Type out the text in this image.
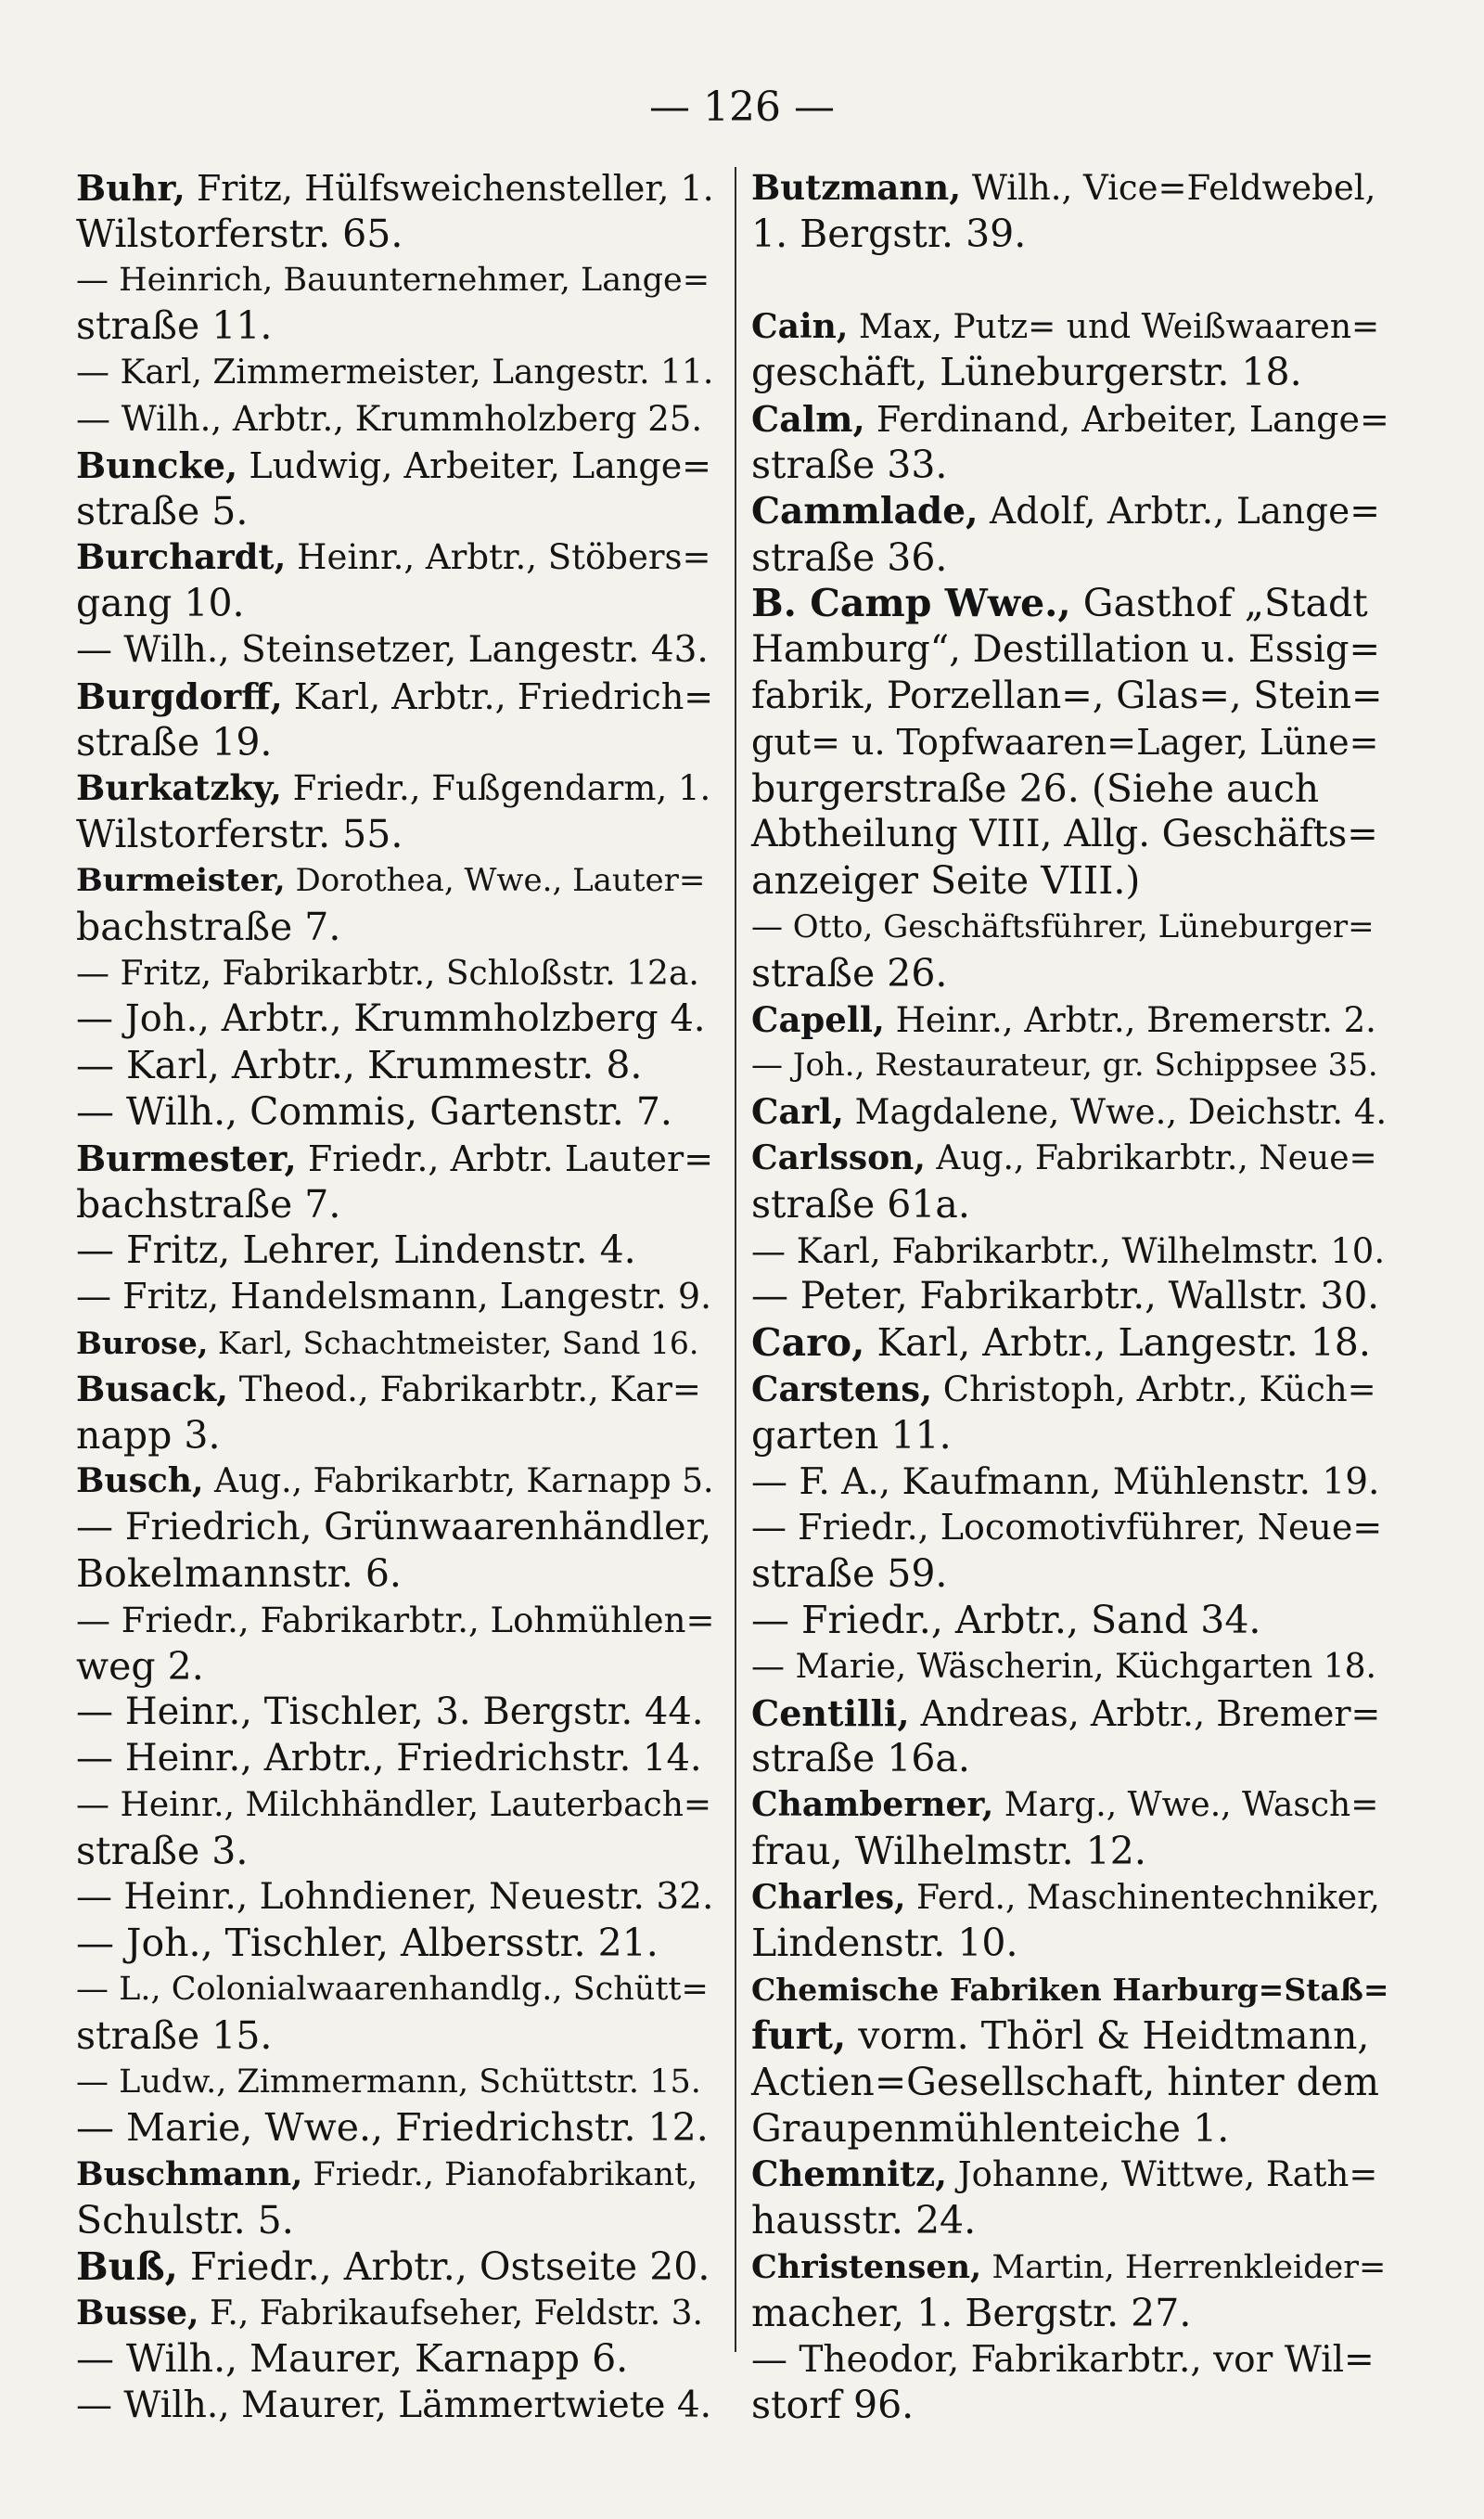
— 126 —
Buhr, Fritz, Hülfsweichensteller, 1.
Wilstorferstr. 65.
— Heinrich, Bauunternehmer, Lange=
straße 11.
— Karl, Zimmermeister, Langestr. 11.
— Wilh., Arbtr., Krummholzberg 25.
Buncke, Ludwig, Arbeiter, Lange=
straße 5.
Burchardt, Heinr., Arbtr., Stöbers=
gang 10.
— Wilh., Steinsetzer, Langestr. 43.
Burgdorff, Karl, Arbtr., Friedrich=
straße 19.
Burkatzky, Friedr., Fußgendarm, 1.
Wilstorferstr. 55.
Burmeister, Dorothea, Wwe., Lauter=
bachstraße 7.
— Fritz, Fabrikarbtr., Schloßstr. 12a.
— Joh., Arbtr., Krummholzberg 4.
— Karl, Arbtr., Krummestr. 8.
— Wilh., Commis, Gartenstr. 7.
Burmester, Friedr., Arbtr. Lauter=
bachstraße 7.
— Fritz, Lehrer, Lindenstr. 4.
— Fritz, Handelsmann, Langestr. 9.
Burose, Karl, Schachtmeister, Sand 16.
Busack, Theod., Fabrikarbtr., Kar=
napp 3.
Busch, Aug., Fabrikarbtr, Karnapp 5.
— Friedrich, Grünwaarenhändler,
Bokelmannstr. 6.
— Friedr., Fabrikarbtr., Lohmühlen=
weg 2.
— Heinr., Tischler, 3. Bergstr. 44.
— Heinr., Arbtr., Friedrichstr. 14.
— Heinr., Milchhändler, Lauterbach=
straße 3.
— Heinr., Lohndiener, Neuestr. 32.
— Joh., Tischler, Albersstr. 21.
— L., Colonialwaarenhandlg., Schütt=
straße 15.
— Ludw., Zimmermann, Schüttstr. 15.
— Marie, Wwe., Friedrichstr. 12.
Buschmann, Friedr., Pianofabrikant,
Schulstr. 5.
Buß, Friedr., Arbtr., Ostseite 20.
Busse, F., Fabrikaufseher, Feldstr. 3.
— Wilh., Maurer, Karnapp 6.
— Wilh., Maurer, Lämmertwiete 4.
Butzmann, Wilh., Vice=Feldwebel,
1. Bergstr. 39.
Cain, Max, Putz= und Weißwaaren=
geschäft, Lüneburgerstr. 18.
Calm, Ferdinand, Arbeiter, Lange=
straße 33.
Cammlade, Adolf, Arbtr., Lange=
straße 36.
B. Camp Wwe., Gasthof „Stadt
Hamburg“, Destillation u. Essig=
fabrik, Porzellan=, Glas=, Stein=
gut= u. Topfwaaren=Lager, Lüne=
burgerstraße 26. (Siehe auch
Abtheilung VIII, Allg. Geschäfts=
anzeiger Seite VIII.)
— Otto, Geschäftsführer, Lüneburger=
straße 26.
Capell, Heinr., Arbtr., Bremerstr. 2.
— Joh., Restaurateur, gr. Schippsee 35.
Carl, Magdalene, Wwe., Deichstr. 4.
Carlsson, Aug., Fabrikarbtr., Neue=
straße 61a.
— Karl, Fabrikarbtr., Wilhelmstr. 10.
— Peter, Fabrikarbtr., Wallstr. 30.
Caro, Karl, Arbtr., Langestr. 18.
Carstens, Christoph, Arbtr., Küch=
garten 11.
— F. A., Kaufmann, Mühlenstr. 19.
— Friedr., Locomotivführer, Neue=
straße 59.
— Friedr., Arbtr., Sand 34.
— Marie, Wäscherin, Küchgarten 18.
Centilli, Andreas, Arbtr., Bremer=
straße 16a.
Chamberner, Marg., Wwe., Wasch=
frau, Wilhelmstr. 12.
Charles, Ferd., Maschinentechniker,
Lindenstr. 10.
Chemische Fabriken Harburg=Staß=
furt, vorm. Thörl & Heidtmann,
Actien=Gesellschaft, hinter dem
Graupenmühlenteiche 1.
Chemnitz, Johanne, Wittwe, Rath=
hausstr. 24.
Christensen, Martin, Herrenkleider=
macher, 1. Bergstr. 27.
— Theodor, Fabrikarbtr., vor Wil=
storf 96.
